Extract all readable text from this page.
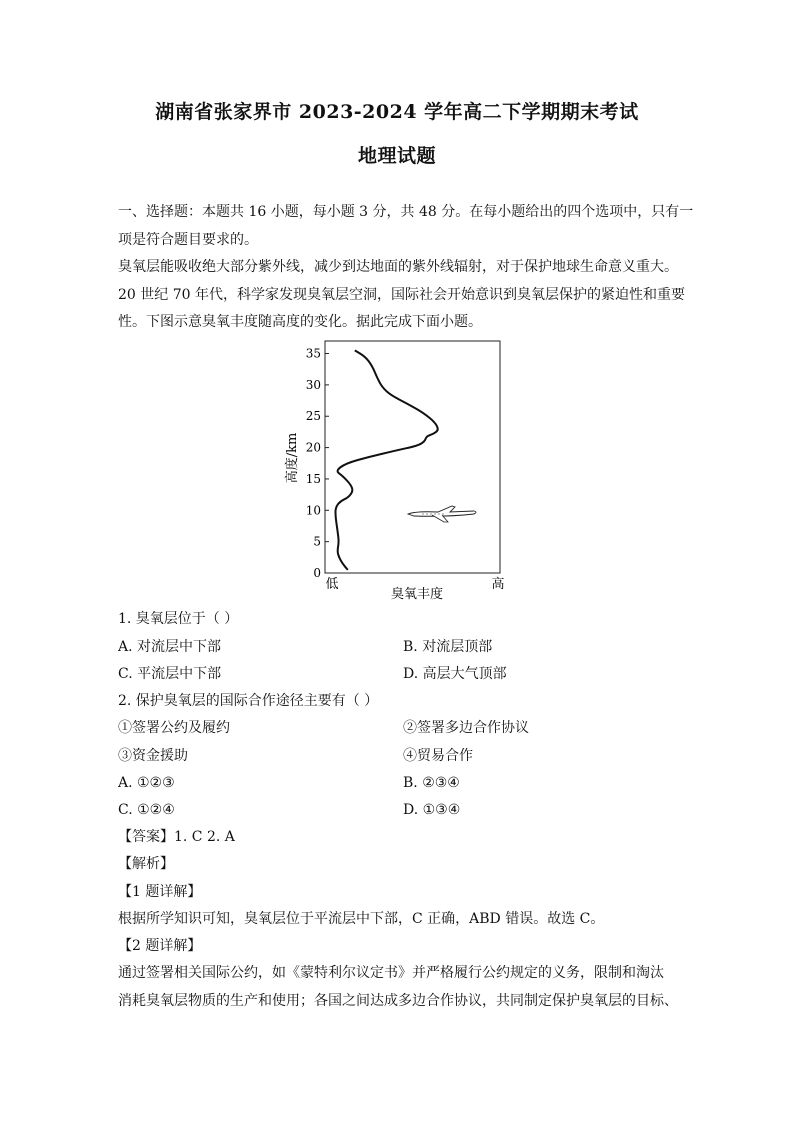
湖南省张家界市 2023-2024 学年高二下学期期末考试
地理试题
一、选择题：本题共 16 小题，每小题 3 分，共 48 分。在每小题给出的四个选项中，只有一
项是符合题目要求的。
臭氧层能吸收绝大部分紫外线，减少到达地面的紫外线辐射，对于保护地球生命意义重大。
20 世纪 70 年代，科学家发现臭氧层空洞，国际社会开始意识到臭氧层保护的紧迫性和重要
性。下图示意臭氧丰度随高度的变化。据此完成下面小题。
0
5
10
15
20
25
30
35
高度/km
低	高
臭氧丰度
1. 臭氧层位于（ ）
A. 对流层中下部	B. 对流层顶部
C. 平流层中下部	D. 高层大气顶部
2. 保护臭氧层的国际合作途径主要有（ ）
①签署公约及履约	②签署多边合作协议
③资金援助	④贸易合作
A. ①②③	B. ②③④
C. ①②④	D. ①③④
【答案】1. C 2. A
【解析】
【1 题详解】
根据所学知识可知，臭氧层位于平流层中下部，C 正确，ABD 错误。故选 C。
【2 题详解】
通过签署相关国际公约，如《蒙特利尔议定书》并严格履行公约规定的义务，限制和淘汰
消耗臭氧层物质的生产和使用；各国之间达成多边合作协议，共同制定保护臭氧层的目标、
